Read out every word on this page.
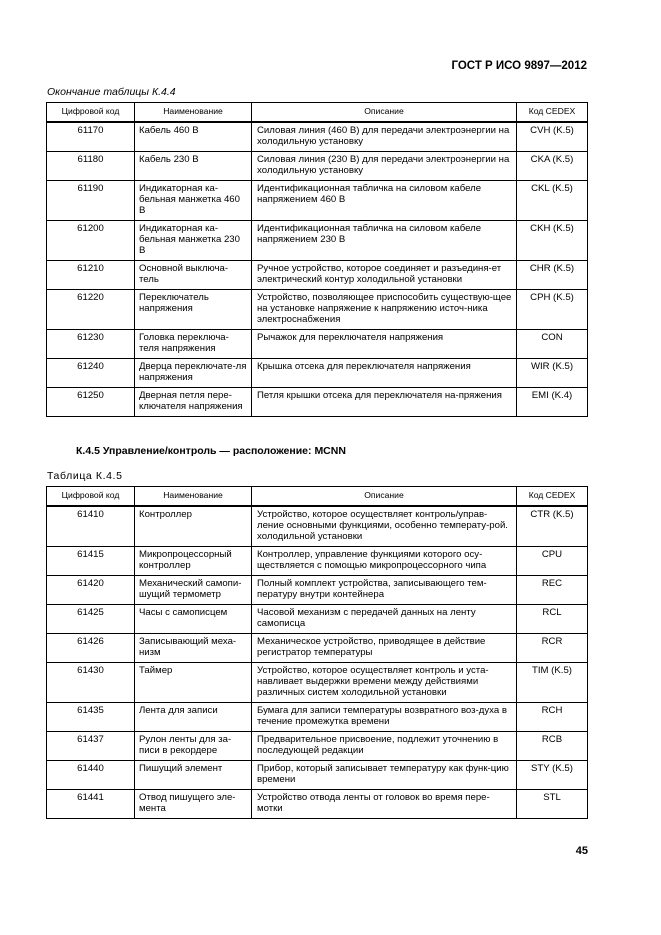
ГОСТ Р ИСО 9897—2012
Окончание таблицы К.4.4
Цифровой код	Наименование	Описание	Код CEDEX
61170	Кабель 460 В	Силовая линия (460 В) для передачи электроэнергии на холодильную установку	CVH (K.5)
61180	Кабель 230 В	Силовая линия (230 В) для передачи электроэнергии на холодильную установку	CKA (K.5)
61190	Индикаторная ка-бельная манжетка 460 В	Идентификационная табличка на силовом кабеле напряжением 460 В	CKL (K.5)
61200	Индикаторная ка-бельная манжетка 230 В	Идентификационная табличка на силовом кабеле напряжением 230 В	CKH (K.5)
61210	Основной выключа-тель	Ручное устройство, которое соединяет и разъединя-ет электрический контур холодильной установки	CHR (K.5)
61220	Переключатель напряжения	Устройство, позволяющее приспособить существую-щее на установке напряжение к напряжению источ-ника электроснабжения	CPH (K.5)
61230	Головка переключа-теля напряжения	Рычажок для переключателя напряжения	CON
61240	Дверца переключате-ля напряжения	Крышка отсека для переключателя напряжения	WIR (K.5)
61250	Дверная петля пере-ключателя напряжения	Петля крышки отсека для переключателя на-пряжения	EMI (K.4)
К.4.5 Управление/контроль — расположение: MCNN
Таблица К.4.5
Цифровой код	Наименование	Описание	Код CEDEX
61410	Контроллер	Устройство, которое осуществляет контроль/управ-ление основными функциями, особенно температу-рой. холодильной установки	CTR (K.5)
61415	Микропроцессорный контроллер	Контроллер, управление функциями которого осу-ществляется с помощью микропроцессорного чипа	CPU
61420	Механический самопи-шущий термометр	Полный комплект устройства, записывающего тем-пературу внутри контейнера	REC
61425	Часы с самописцем	Часовой механизм с передачей данных на ленту самописца	RCL
61426	Записывающий меха-низм	Механическое устройство, приводящее в действие регистратор температуры	RCR
61430	Таймер	Устройство, которое осуществляет контроль и уста-навливает выдержки времени между действиями различных систем холодильной установки	TIM (K.5)
61435	Лента для записи	Бумага для записи температуры возвратного воз-духа в течение промежутка времени	RCH
61437	Рулон ленты для за-писи в рекордере	Предварительное присвоение, подлежит уточнению в последующей редакции	RCB
61440	Пишущий элемент	Прибор, который записывает температуру как функ-цию времени	STY (K.5)
61441	Отвод пишущего эле-мента	Устройство отвода ленты от головок во время пере-мотки	STL
45
